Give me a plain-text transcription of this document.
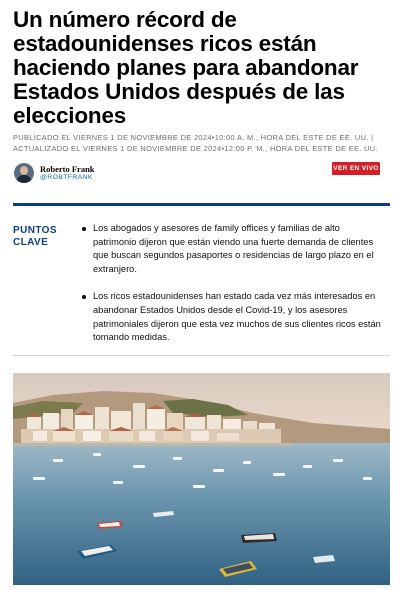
Un número récord de estadounidenses ricos están haciendo planes para abandonar Estados Unidos después de las elecciones
PUBLICADO EL VIERNES 1 DE NOVIEMBRE DE 2024•10:00 A. M., HORA DEL ESTE DE EE. UU. |
ACTUALIZADO EL VIERNES 1 DE NOVIEMBRE DE 2024•12:00 P. M., HORA DEL ESTE DE EE. UU.
Roberto Frank
@ROBTFRANK
VER EN VIVO
PUNTOS CLAVE
Los abogados y asesores de family offices y familias de alto patrimonio dijeron que están viendo una fuerte demanda de clientes que buscan segundos pasaportes o residencias de largo plazo en el extranjero.
Los ricos estadounidenses han estado cada vez más interesados en abandonar Estados Unidos desde el Covid-19, y los asesores patrimoniales dijeron que esta vez muchos de sus clientes ricos están tomando medidas.
